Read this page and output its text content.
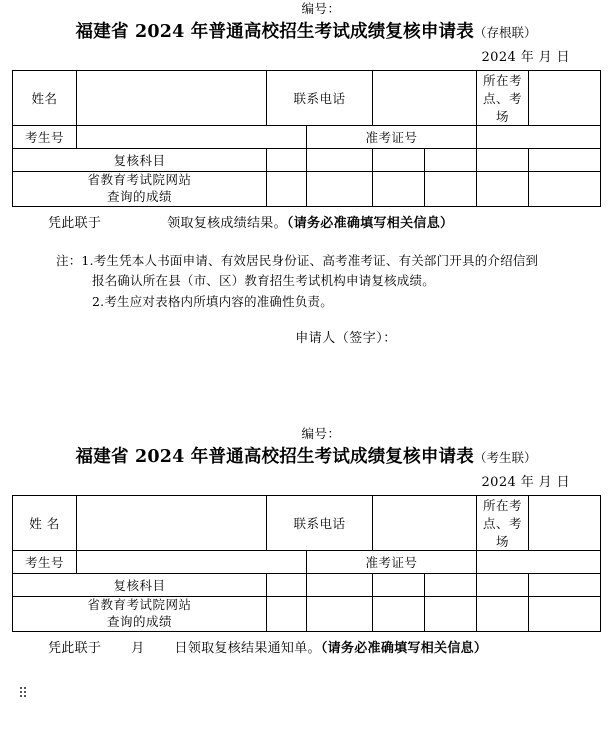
编号：
福建省 2024 年普通高校招生考试成绩复核申请表（存根联）
2024 年 月 日
姓名		联系电话				所在考点、考场	
考生号			准考证号				
复核科目							

省教育考试院网站
查询的成绩							

凭此联于	领取复核成绩结果。（请务必准确填写相关信息）
注：1.考生凭本人书面申请、有效居民身份证、高考准考证、有关部门开具的介绍信到
报名确认所在县（市、区）教育招生考试机构申请复核成绩。
2.考生应对表格内所填内容的准确性负责。
申请人（签字）：
编号：
福建省 2024 年普通高校招生考试成绩复核申请表（考生联）
2024 年 月 日
姓 名		联系电话				所在考点、考场	
考生号			准考证号				
复核科目							

省教育考试院网站
查询的成绩							

凭此联于 月 日领取复核结果通知单。（请务必准确填写相关信息）
